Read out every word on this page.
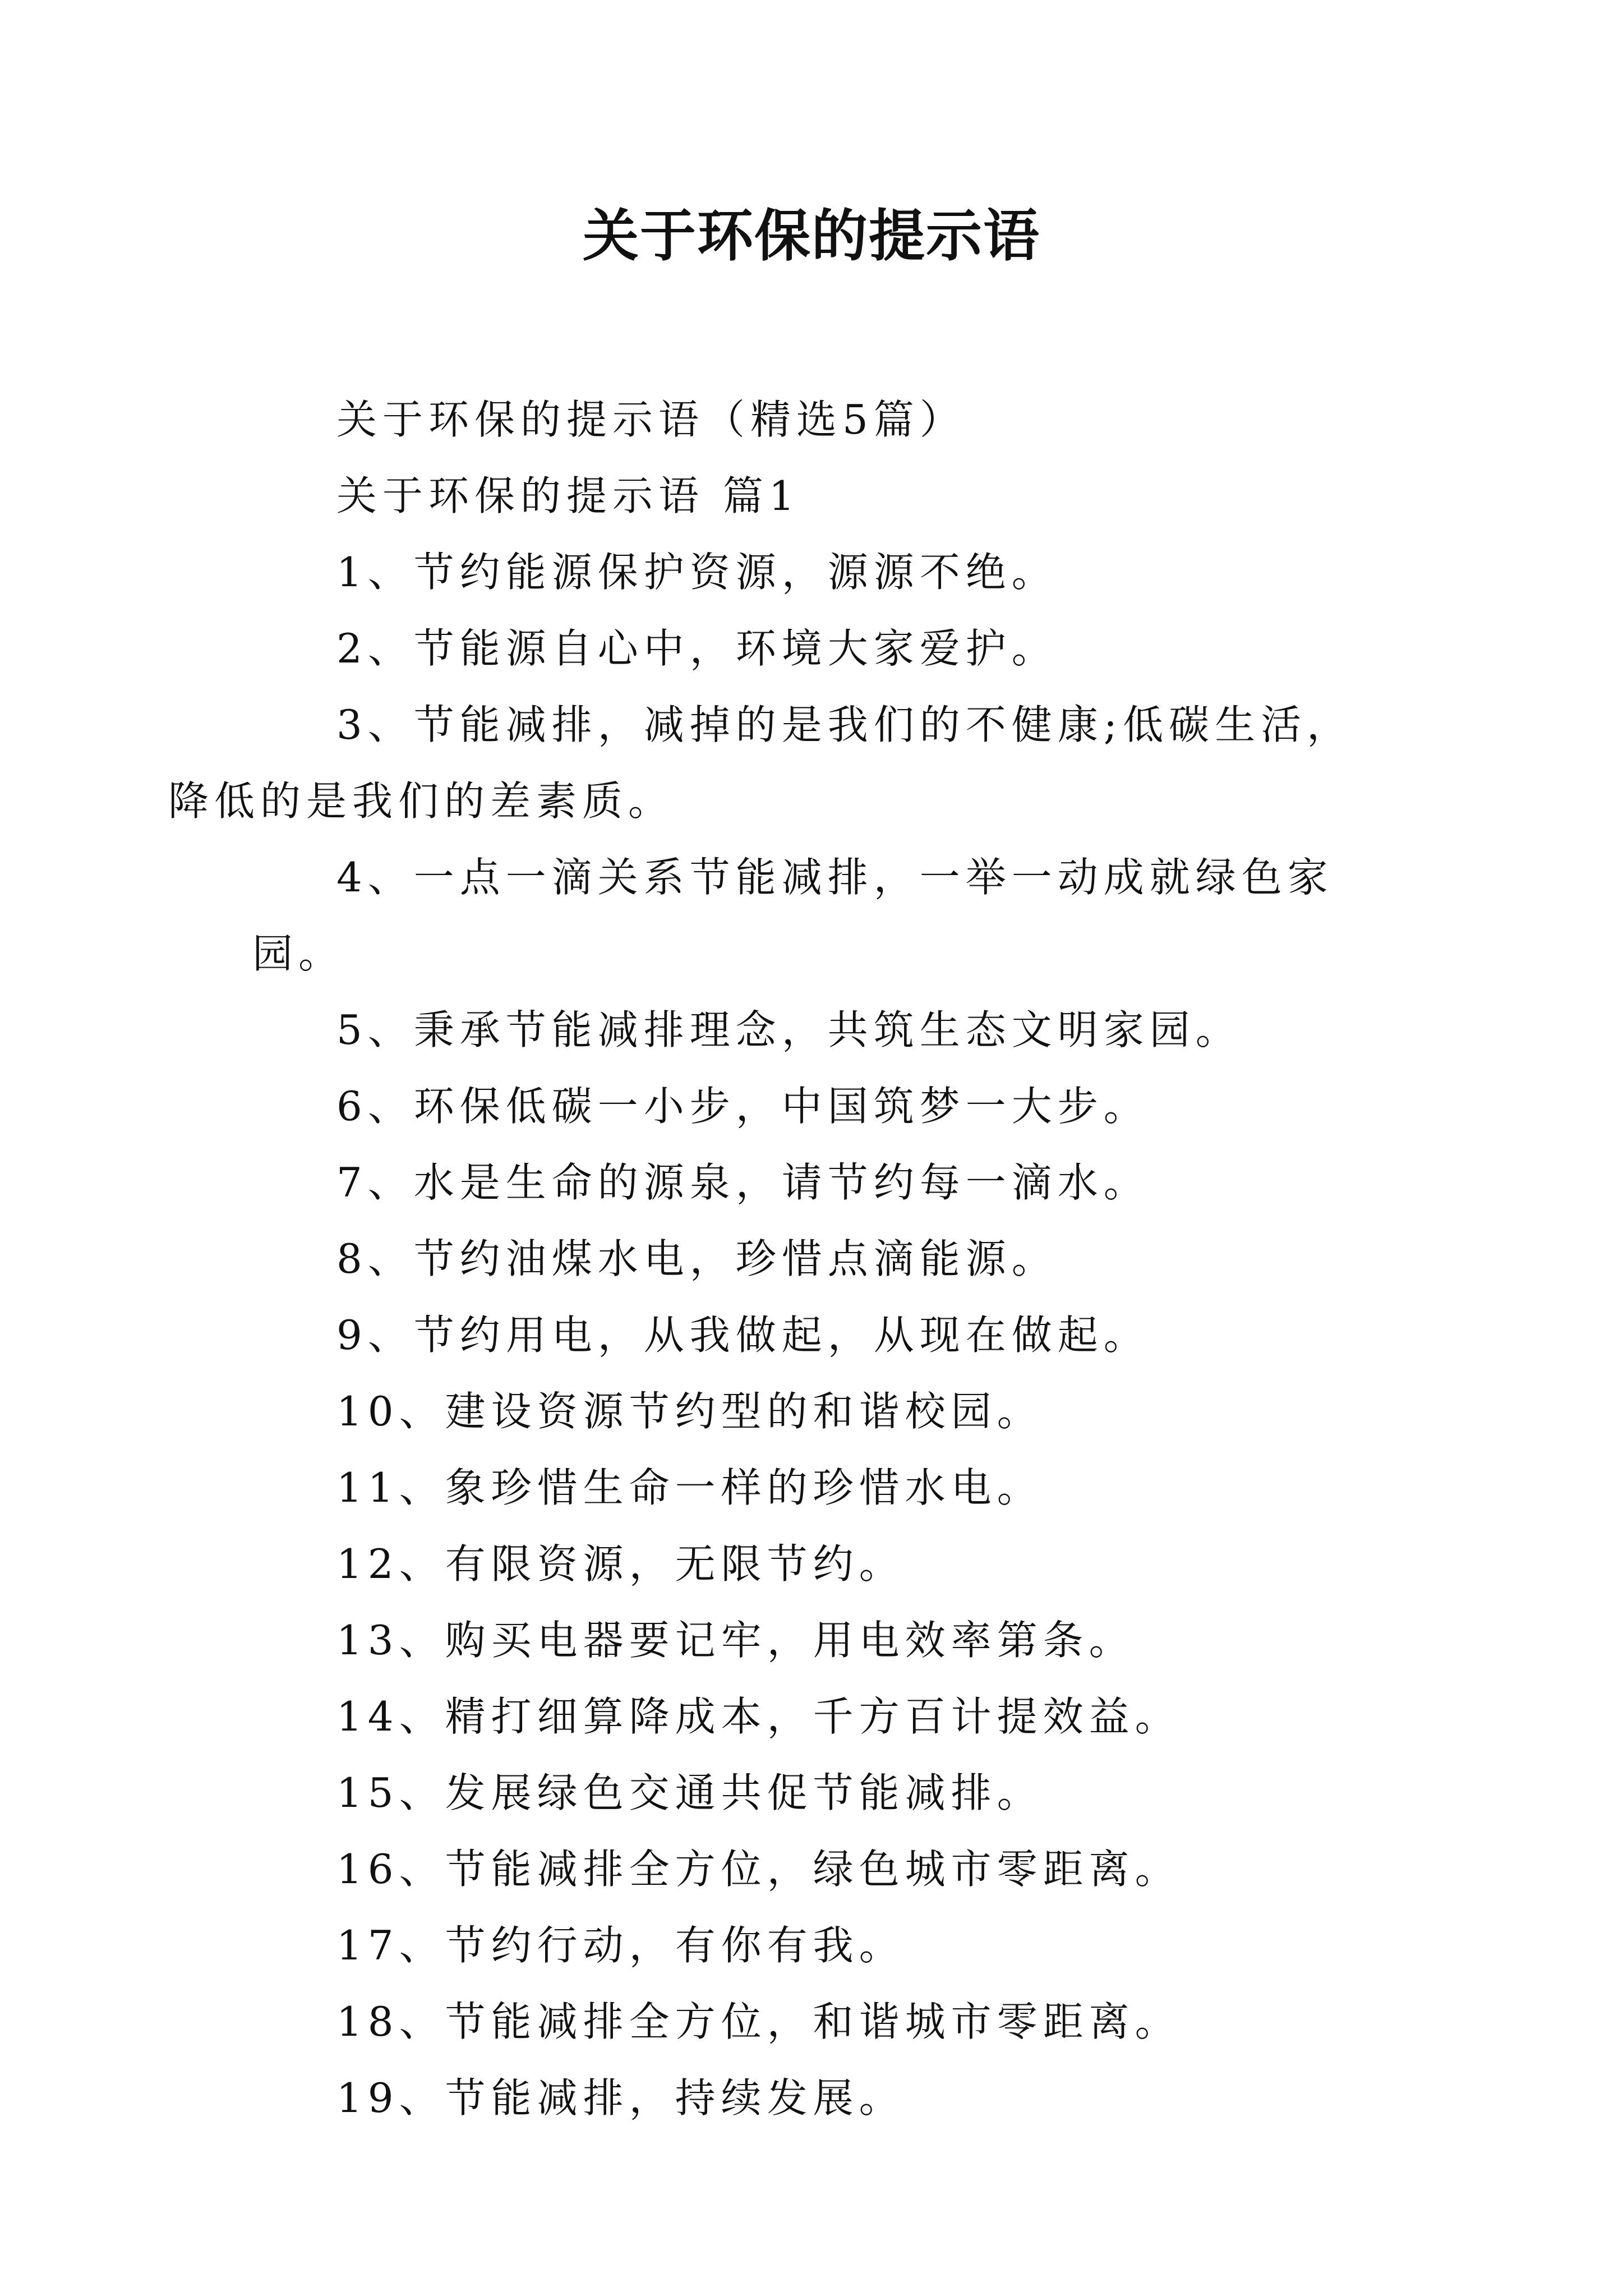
关于环保的提示语

关于环保的提示语（精选5篇）

关于环保的提示语 篇1

1、节约能源保护资源，源源不绝。

2、节能源自心中，环境大家爱护。

3、节能减排，减掉的是我们的不健康;低碳生活，降低的是我们的差素质。

4、一点一滴关系节能减排，一举一动成就绿色家园。

5、秉承节能减排理念，共筑生态文明家园。

6、环保低碳一小步，中国筑梦一大步。

7、水是生命的源泉，请节约每一滴水。

8、节约油煤水电，珍惜点滴能源。

9、节约用电，从我做起，从现在做起。

10、建设资源节约型的和谐校园。

11、象珍惜生命一样的珍惜水电。

12、有限资源，无限节约。

13、购买电器要记牢，用电效率第条。

14、精打细算降成本，千方百计提效益。

15、发展绿色交通共促节能减排。

16、节能减排全方位，绿色城市零距离。

17、节约行动，有你有我。

18、节能减排全方位，和谐城市零距离。

19、节能减排，持续发展。
